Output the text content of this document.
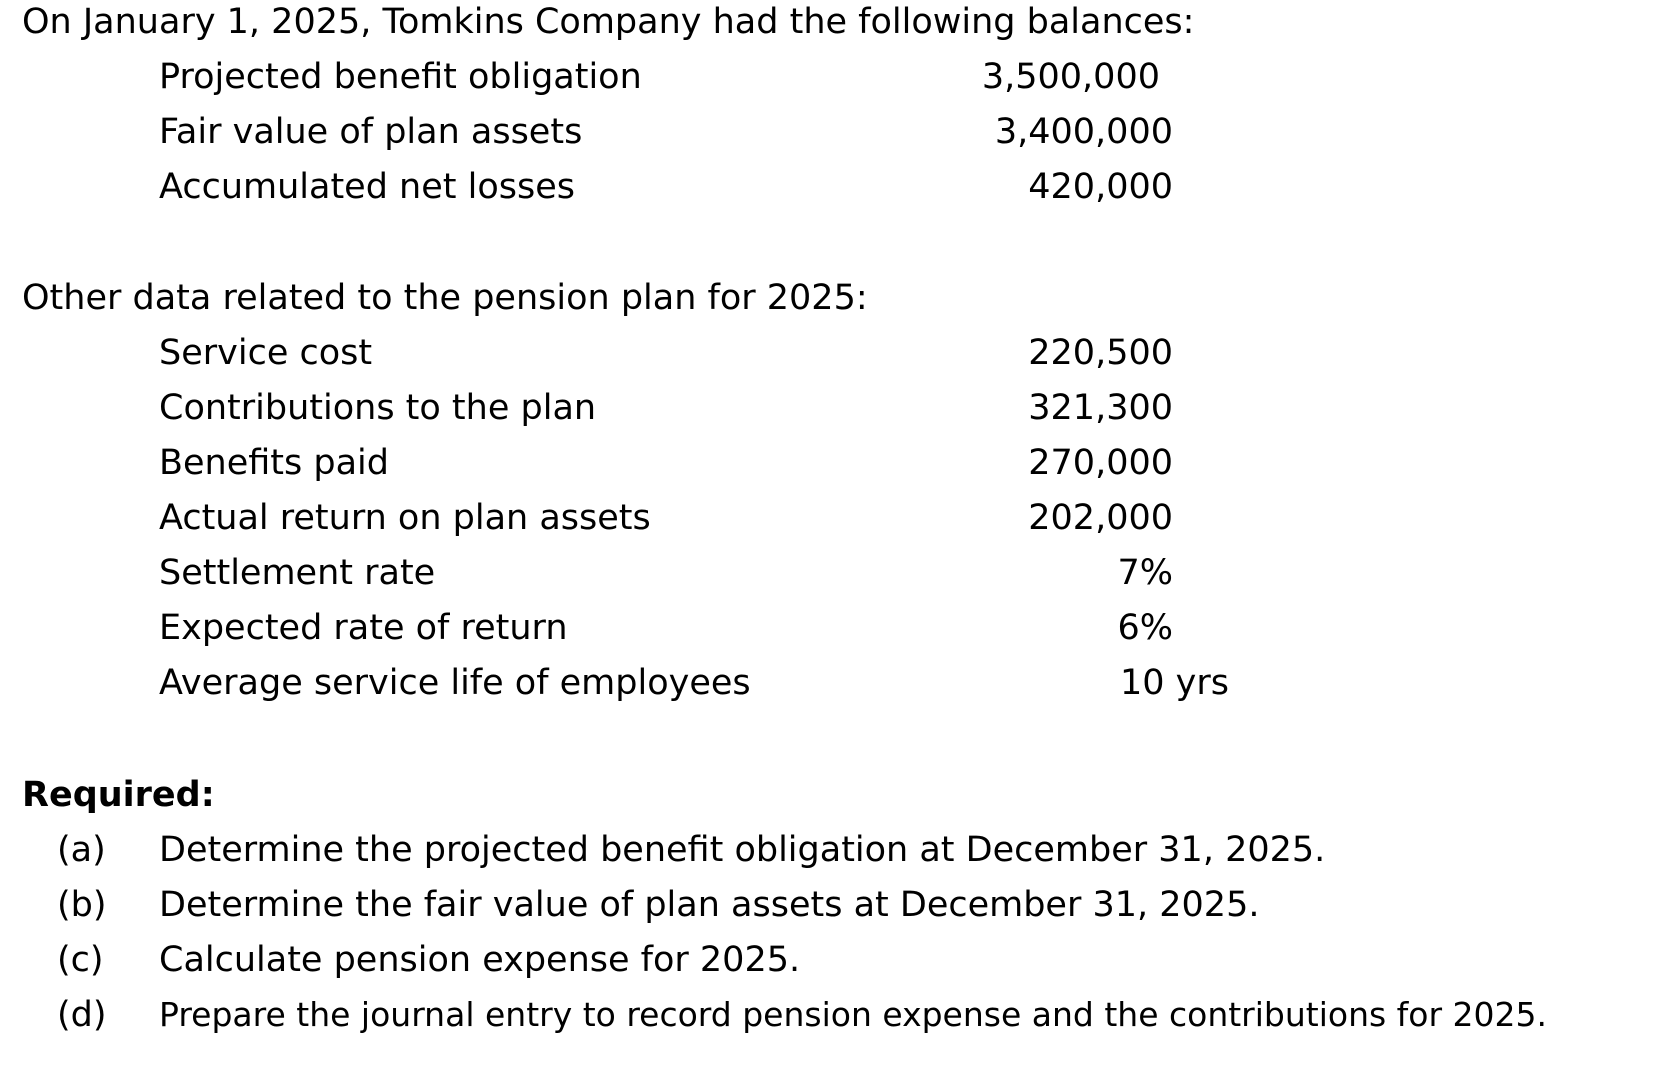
On January 1, 2025, Tomkins Company had the following balances:
Projected benefit obligation	3,500,000
Fair value of plan assets	3,400,000
Accumulated net losses	420,000
Other data related to the pension plan for 2025:
Service cost	220,500
Contributions to the plan	321,300
Benefits paid	270,000
Actual return on plan assets	202,000
Settlement rate	7%
Expected rate of return	6%
Average service life of employees	10 yrs
Required:
(a) Determine the projected benefit obligation at December 31, 2025.
(b) Determine the fair value of plan assets at December 31, 2025.
(c) Calculate pension expense for 2025.
(d) Prepare the journal entry to record pension expense and the contributions for 2025.
